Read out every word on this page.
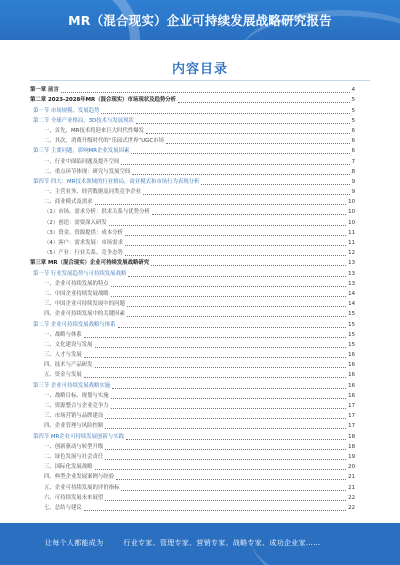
MR（混合现实）企业可持续发展战略研究报告
内容目录
第一章 前言	4
第二章 2023-2028年MR（混合现实）市场现状及趋势分析	5
第一节 市场规模、发展趋势	5
第二节 全球产业格局、3D技术与发展现状	5
一、首先，MR技术将迎来巨大时代性爆发	6
二、其次，消费升级时代的“乐园式世界”UGC市场	6
第三节 主要问题，影响MR企业发展因素	6
一、行业中面临问题及提升空间	7
二、重点环节体现：研究与发展空间	8
第四节 四大：MR技术领域的行业格局，商业模式和市场行为表现分析	9
一、主营业务、经营数据及同类竞争企业	9
二、商业模式及需求	10
（1）市场、需求分析：供求关系与优势分析	10
（2）创造：需要深入研发	10
（3）资金、资源提供：成本分析	11
（4）客户：需求发展：市场需求	11
（5）产业：行业关系、竞争态势	12
第三章 MR（混合现实）企业可持续发展战略研究	13
第一节 行业发展趋势与可持续发展战略	13
一、企业可持续发展的特点	13
二、中国企业持续发展战略	14
三、中国企业可持续发展中的问题	14
四、企业可持续发展中的关键因素	15
第二节 企业可持续发展战略与体系	15
一、战略与体系	15
二、文化建设与发展	15
三、人才与发展	16
四、技术与产品研发	16
五、资金与发展	16
第三节 企业可持续发展战略实施	16
一、战略目标、规划与实施	16
二、资源整合与企业竞争力	17
三、市场营销与品牌建设	17
四、企业管理与风险控制	17
第四节 MR企业可持续发展创新与实践	18
一、创新驱动与转型升级	18
二、绿色发展与社会责任	19
三、国际化发展战略	20
四、典型企业发展案例与经验	21
五、企业可持续发展的评价指标	21
六、可持续发展未来展望	22
七、总结与建议	22
让每个人都能成为	行业专家、管理专家、营销专家、战略专家、成功企业家……
